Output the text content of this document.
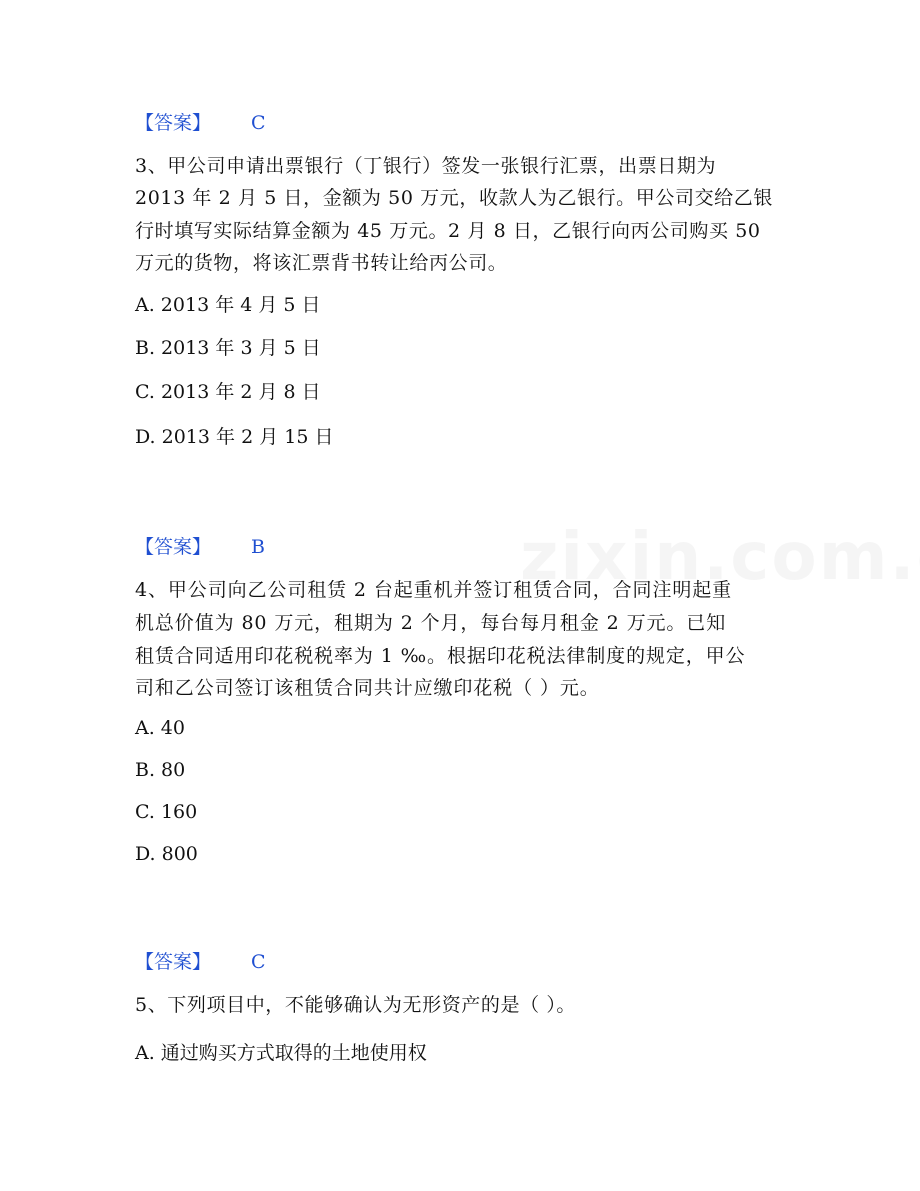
【答案】 C
3、甲公司申请出票银行（丁银行）签发一张银行汇票，出票日期为
2013 年 2 月 5 日，金额为 50 万元，收款人为乙银行。甲公司交给乙银
行时填写实际结算金额为 45 万元。2 月 8 日，乙银行向丙公司购买 50
万元的货物，将该汇票背书转让给丙公司。
A. 2013 年 4 月 5 日
B. 2013 年 3 月 5 日
C. 2013 年 2 月 8 日
D. 2013 年 2 月 15 日
【答案】 B
4、甲公司向乙公司租赁 2 台起重机并签订租赁合同，合同注明起重
机总价值为 80 万元，租期为 2 个月，每台每月租金 2 万元。已知
租赁合同适用印花税税率为 1 ‰。根据印花税法律制度的规定，甲公
司和乙公司签订该租赁合同共计应缴印花税（ ）元。
A. 40
B. 80
C. 160
D. 800
【答案】 C
5、下列项目中，不能够确认为无形资产的是（ ）。
A. 通过购买方式取得的土地使用权
